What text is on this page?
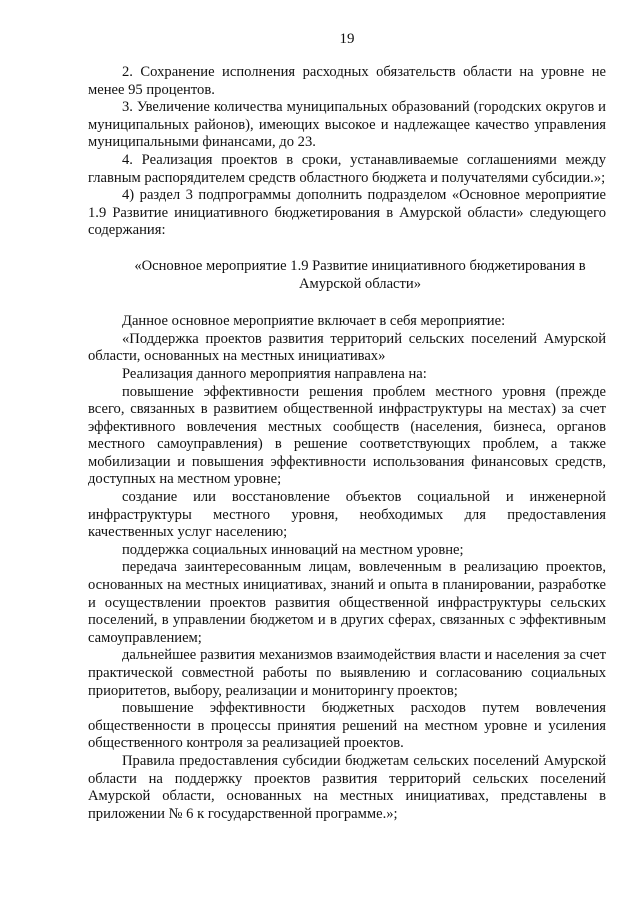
19

2. Сохранение исполнения расходных обязательств области на уровне не менее 95 процентов.

3. Увеличение количества муниципальных образований (городских округов и муниципальных районов), имеющих высокое и надлежащее качество управления муниципальными финансами, до 23.

4. Реализация проектов в сроки, устанавливаемые соглашениями между главным распорядителем средств областного бюджета и получателями субсидии.»;

4) раздел 3 подпрограммы дополнить подразделом «Основное мероприятие 1.9 Развитие инициативного бюджетирования в Амурской области» следующего содержания:

«Основное мероприятие 1.9 Развитие инициативного бюджетирования в Амурской области»

Данное основное мероприятие включает в себя мероприятие:

«Поддержка проектов развития территорий сельских поселений Амурской области, основанных на местных инициативах»

Реализация данного мероприятия направлена на:

повышение эффективности решения проблем местного уровня (прежде всего, связанных в развитием общественной инфраструктуры на местах) за счет эффективного вовлечения местных сообществ (населения, бизнеса, органов местного самоуправления) в решение соответствующих проблем, а также мобилизации и повышения эффективности использования финансовых средств, доступных на местном уровне;

создание или восстановление объектов социальной и инженерной инфраструктуры местного уровня, необходимых для предоставления качественных услуг населению;

поддержка социальных инноваций на местном уровне;

передача заинтересованным лицам, вовлеченным в реализацию проектов, основанных на местных инициативах, знаний и опыта в планировании, разработке и осуществлении проектов развития общественной инфраструктуры сельских поселений, в управлении бюджетом и в других сферах, связанных с эффективным самоуправлением;

дальнейшее развития механизмов взаимодействия власти и населения за счет практической совместной работы по выявлению и согласованию социальных приоритетов, выбору, реализации и мониторингу проектов;

повышение эффективности бюджетных расходов путем вовлечения общественности в процессы принятия решений на местном уровне и усиления общественного контроля за реализацией проектов.

Правила предоставления субсидии бюджетам сельских поселений Амурской области на поддержку проектов развития территорий сельских поселений Амурской области, основанных на местных инициативах, представлены в приложении № 6 к государственной программе.»;
